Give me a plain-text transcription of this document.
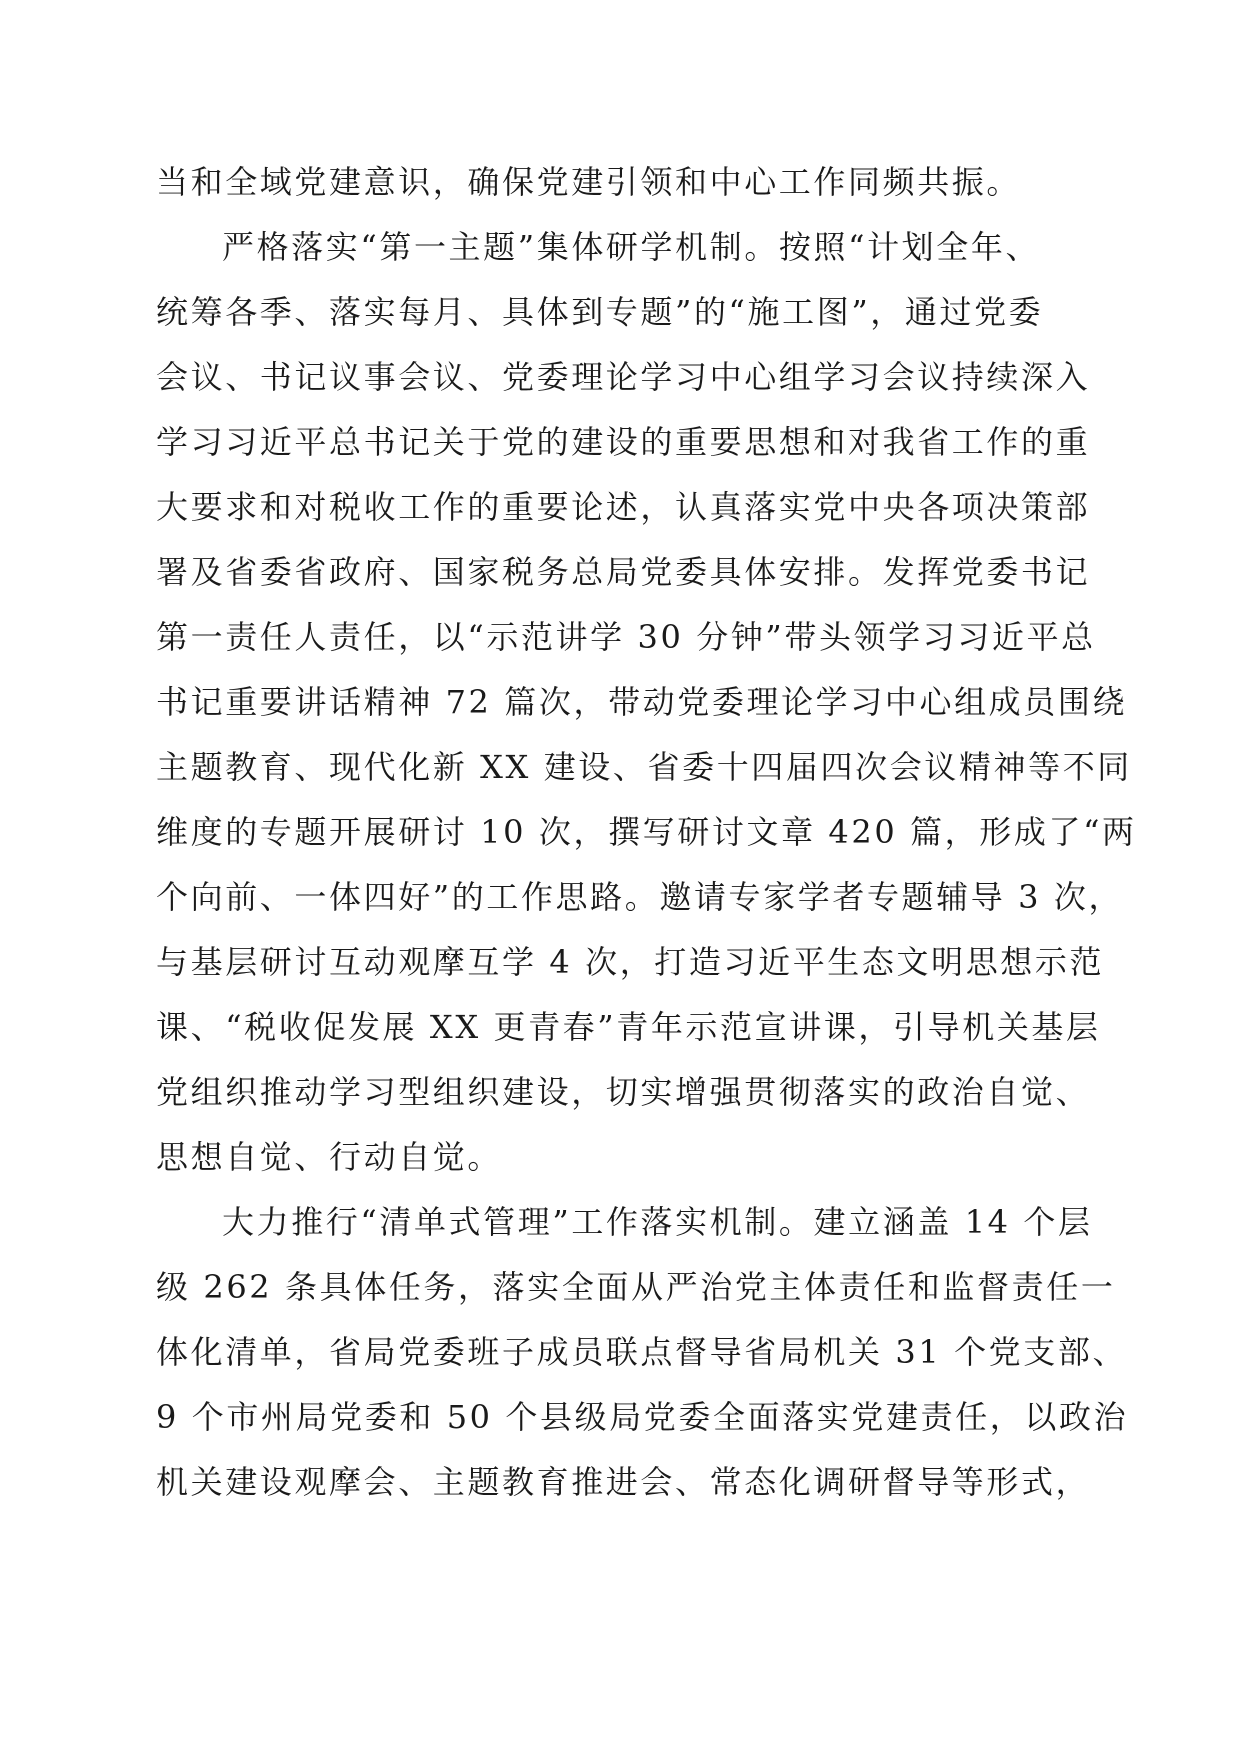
当和全域党建意识，确保党建引领和中心工作同频共振。
严格落实“第一主题”集体研学机制。按照“计划全年、
统筹各季、落实每月、具体到专题”的“施工图”，通过党委
会议、书记议事会议、党委理论学习中心组学习会议持续深入
学习习近平总书记关于党的建设的重要思想和对我省工作的重
大要求和对税收工作的重要论述，认真落实党中央各项决策部
署及省委省政府、国家税务总局党委具体安排。发挥党委书记
第一责任人责任，以“示范讲学 30 分钟”带头领学习习近平总
书记重要讲话精神 72 篇次，带动党委理论学习中心组成员围绕
主题教育、现代化新 XX 建设、省委十四届四次会议精神等不同
维度的专题开展研讨 10 次，撰写研讨文章 420 篇，形成了“两
个向前、一体四好”的工作思路。邀请专家学者专题辅导 3 次，
与基层研讨互动观摩互学 4 次，打造习近平生态文明思想示范
课、“税收促发展 XX 更青春”青年示范宣讲课，引导机关基层
党组织推动学习型组织建设，切实增强贯彻落实的政治自觉、
思想自觉、行动自觉。
大力推行“清单式管理”工作落实机制。建立涵盖 14 个层
级 262 条具体任务，落实全面从严治党主体责任和监督责任一
体化清单，省局党委班子成员联点督导省局机关 31 个党支部、
9 个市州局党委和 50 个县级局党委全面落实党建责任，以政治
机关建设观摩会、主题教育推进会、常态化调研督导等形式，
